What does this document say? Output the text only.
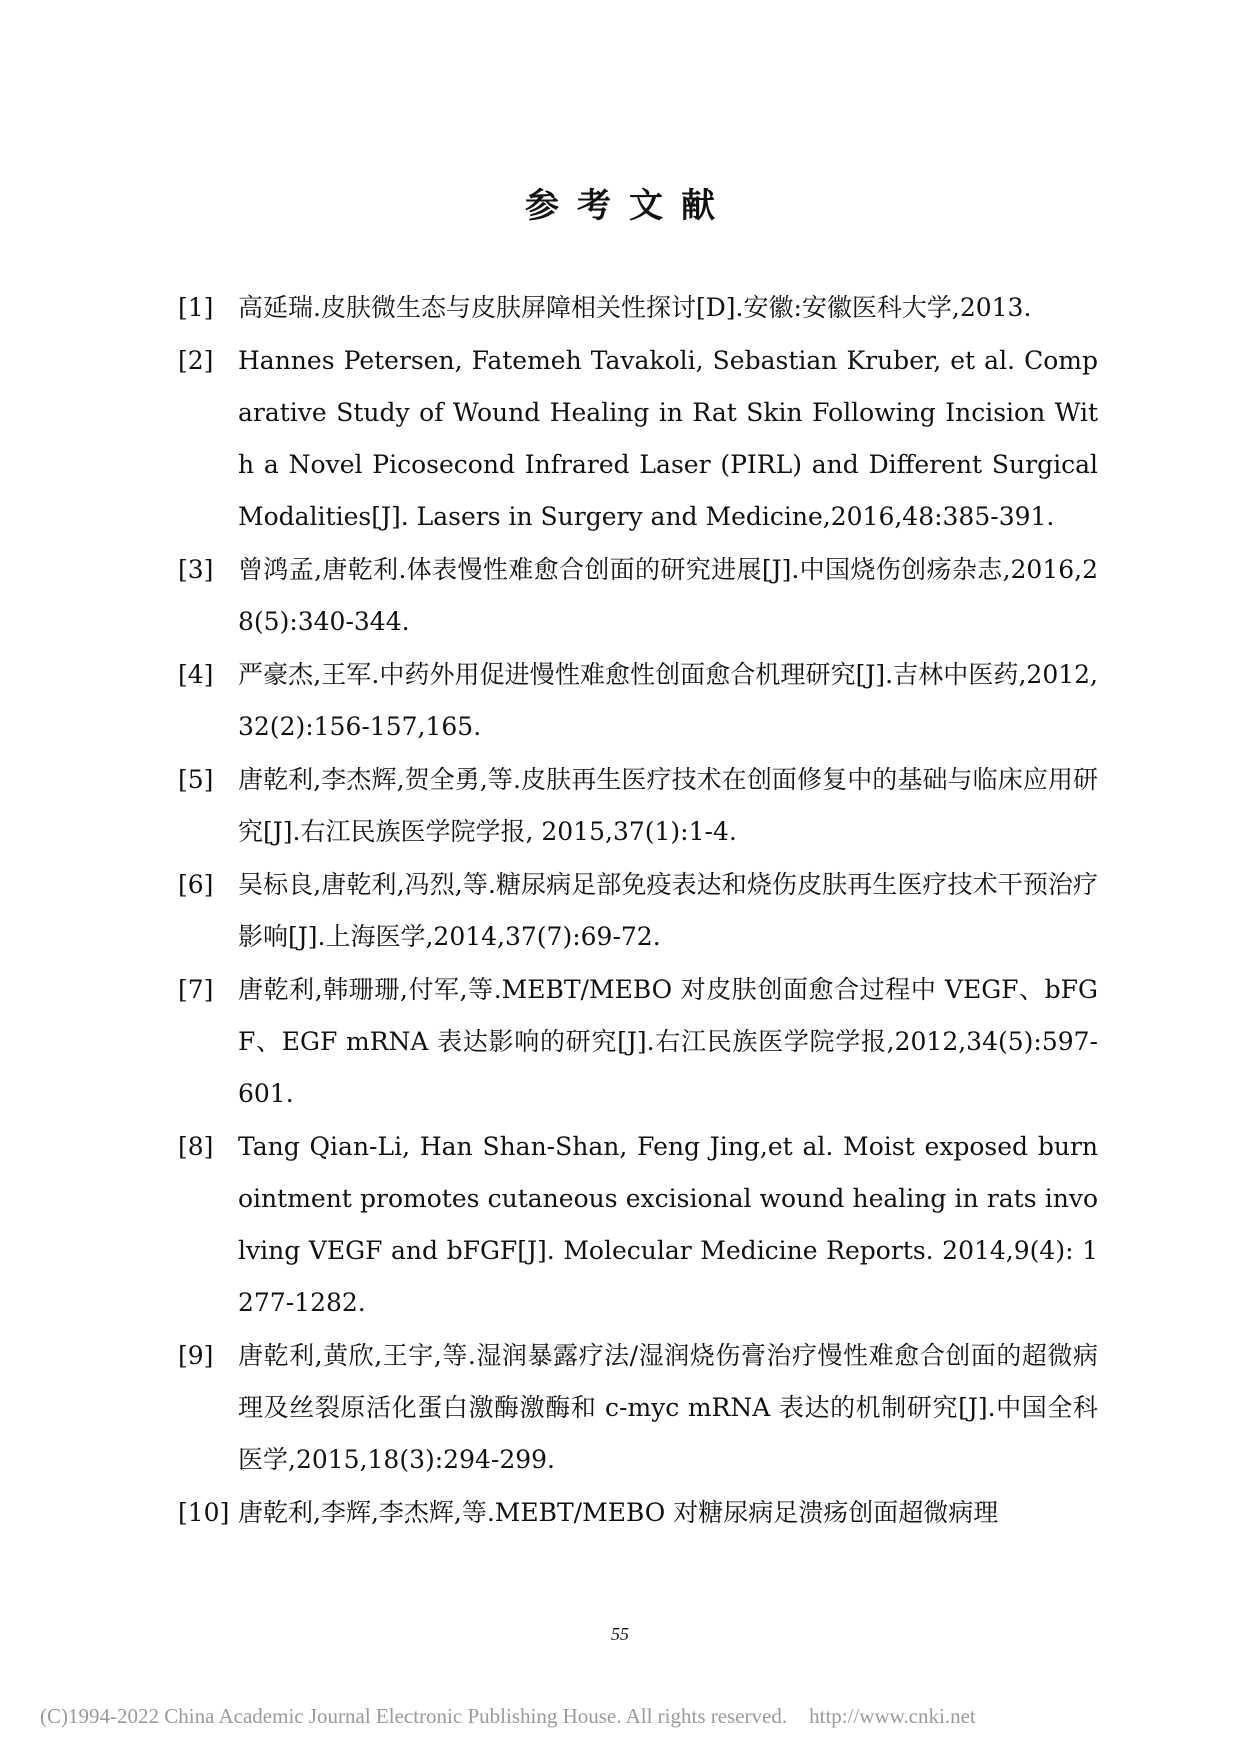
参考文献
[1] 高延瑞.皮肤微生态与皮肤屏障相关性探讨[D].安徽:安徽医科大学,2013.
[2] Hannes Petersen, Fatemeh Tavakoli, Sebastian Kruber, et al. Comparative Study of Wound Healing in Rat Skin Following Incision With a Novel Picosecond Infrared Laser (PIRL) and Different Surgical Modalities[J]. Lasers in Surgery and Medicine,2016,48:385-391.
[3] 曾鸿孟,唐乾利.体表慢性难愈合创面的研究进展[J].中国烧伤创疡杂志,2016,28(5):340-344.
[4] 严豪杰,王军.中药外用促进慢性难愈性创面愈合机理研究[J].吉林中医药,2012,32(2):156-157,165.
[5] 唐乾利,李杰辉,贺全勇,等.皮肤再生医疗技术在创面修复中的基础与临床应用研究[J].右江民族医学院学报, 2015,37(1):1-4.
[6] 吴标良,唐乾利,冯烈,等.糖尿病足部免疫表达和烧伤皮肤再生医疗技术干预治疗影响[J].上海医学,2014,37(7):69-72.
[7] 唐乾利,韩珊珊,付军,等.MEBT/MEBO 对皮肤创面愈合过程中 VEGF、bFGF、EGF mRNA 表达影响的研究[J].右江民族医学院学报,2012,34(5):597-601.
[8] Tang Qian-Li, Han Shan-Shan, Feng Jing,et al. Moist exposed burn ointment promotes cutaneous excisional wound healing in rats involving VEGF and bFGF[J]. Molecular Medicine Reports. 2014,9(4): 1277-1282.
[9] 唐乾利,黄欣,王宇,等.湿润暴露疗法/湿润烧伤膏治疗慢性难愈合创面的超微病理及丝裂原活化蛋白激酶激酶和 c-myc mRNA 表达的机制研究[J].中国全科医学,2015,18(3):294-299.
[10] 唐乾利,李辉,李杰辉,等.MEBT/MEBO 对糖尿病足溃疡创面超微病理
55
(C)1994-2022 China Academic Journal Electronic Publishing House. All rights reserved. http://www.cnki.net
